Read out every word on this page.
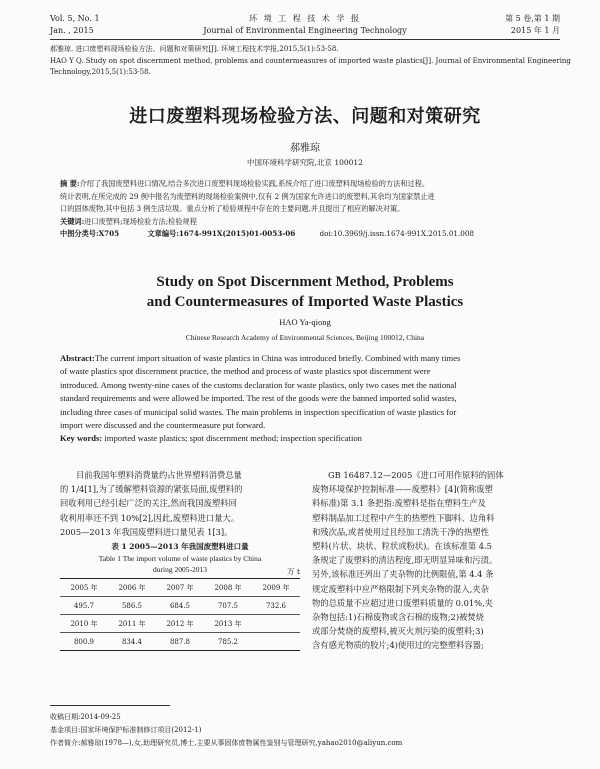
Vol. 5, No. 1
Jan. , 2015
环 境 工 程 技 术 学 报
Journal of Environmental Engineering Technology
第 5 卷,第 1 期
2015 年 1 月
郝雅琼. 进口废塑料现场检验方法、问题和对策研究[J]. 环境工程技术学报,2015,5(1):53-58.
HAO Y Q. Study on spot discernment method, problems and countermeasures of imported waste plastics[J]. Journal of Environmental Engineering
Technology,2015,5(1):53-58.
进口废塑料现场检验方法、问题和对策研究
郝雅琼
中国环境科学研究院,北京 100012
摘 要:介绍了我国废塑料进口情况,结合多次进口废塑料现场检验实践,系统介绍了进口废塑料现场检验的方法和过程。
统计表明,在所完成的 29 例中报名为废塑料的现场检验案例中,仅有 2 例为国家允许进口的废塑料,其余均为国家禁止进
口的固体废物,其中包括 3 例生活垃圾。重点分析了检验规程中存在的主要问题,并且提出了相应的解决对策。
关键词:进口废塑料;现场检验方法;检验规程
中图分类号:X705	文章编号:1674-991X(2015)01-0053-06	doi:10.3969/j.issn.1674-991X.2015.01.008
Study on Spot Discernment Method, Problems
and Countermeasures of Imported Waste Plastics
HAO Ya-qiong
Chinese Research Academy of Environmental Sciences, Beijing 100012, China
Abstract:The current import situation of waste plastics in China was introduced briefly. Combined with many times
of waste plastics spot discernment practice, the method and process of waste plastics spot discernment were
introduced. Among twenty-nine cases of the customs declaration for waste plastics, only two cases met the national
standard requirements and were allowed be imported. The rest of the goods were the banned imported solid wastes,
including three cases of municipal solid wastes. The main problems in inspection specification of waste plastics for
import were discussed and the countermeasure put forward.
Key words: imported waste plastics; spot discernment method; inspection specification
目前我国年塑料消费量约占世界塑料消费总量
的 1/4[1],为了缓解塑料资源的紧张局面,废塑料的
回收利用已经引起广泛的关注,然而我国废塑料回
收利用率还不到 10%[2],因此,废塑料进口量大。
2005—2013 年我国废塑料进口量见表 1[3]。
表 1 2005—2013 年我国废塑料进口量
Table 1 The import volume of waste plastics by China
during 2005-2013	万 t
2005 年	2006 年	2007 年	2008 年	2009 年
495.7	586.5	684.5	707.5	732.6
2010 年	2011 年	2012 年	2013 年	
800.9	834.4	887.8	785.2	
GB 16487.12—2005《进口可用作原料的固体
废物环境保护控制标准——废塑料》[4](简称废塑
料标准)第 3.1 条把指:废塑料是指在塑料生产及
塑料制品加工过程中产生的热塑性下脚料、边角料
和残次品,或者使用过且经加工清洗干净的热塑性
塑料(片状、块状、粒状或粉状)。在该标准第 4.5
条规定了废塑料的清洁程度,即无明显异味和污渍。
另外,该标准还列出了夹杂物的比例限值,第 4.4 条
规定废塑料中应严格限制下列夹杂物的混入,夹杂
物的总质量不应超过进口废塑料质量的 0.01%,夹
杂物包括:1)石棉废物或含石棉的废物;2)被焚烧
或部分焚烧的废塑料,被灭火剂污染的废塑料;3)
含有感光物质的胶片;4)使用过的完整塑料容器;
收稿日期:2014-09-25
基金项目:国家环境保护标准制修订项目(2012-1)
作者简介:郝雅琼(1978—),女,助理研究员,博士,主要从事固体废物属性鉴别与管理研究,yahao2010@aliyun.com
